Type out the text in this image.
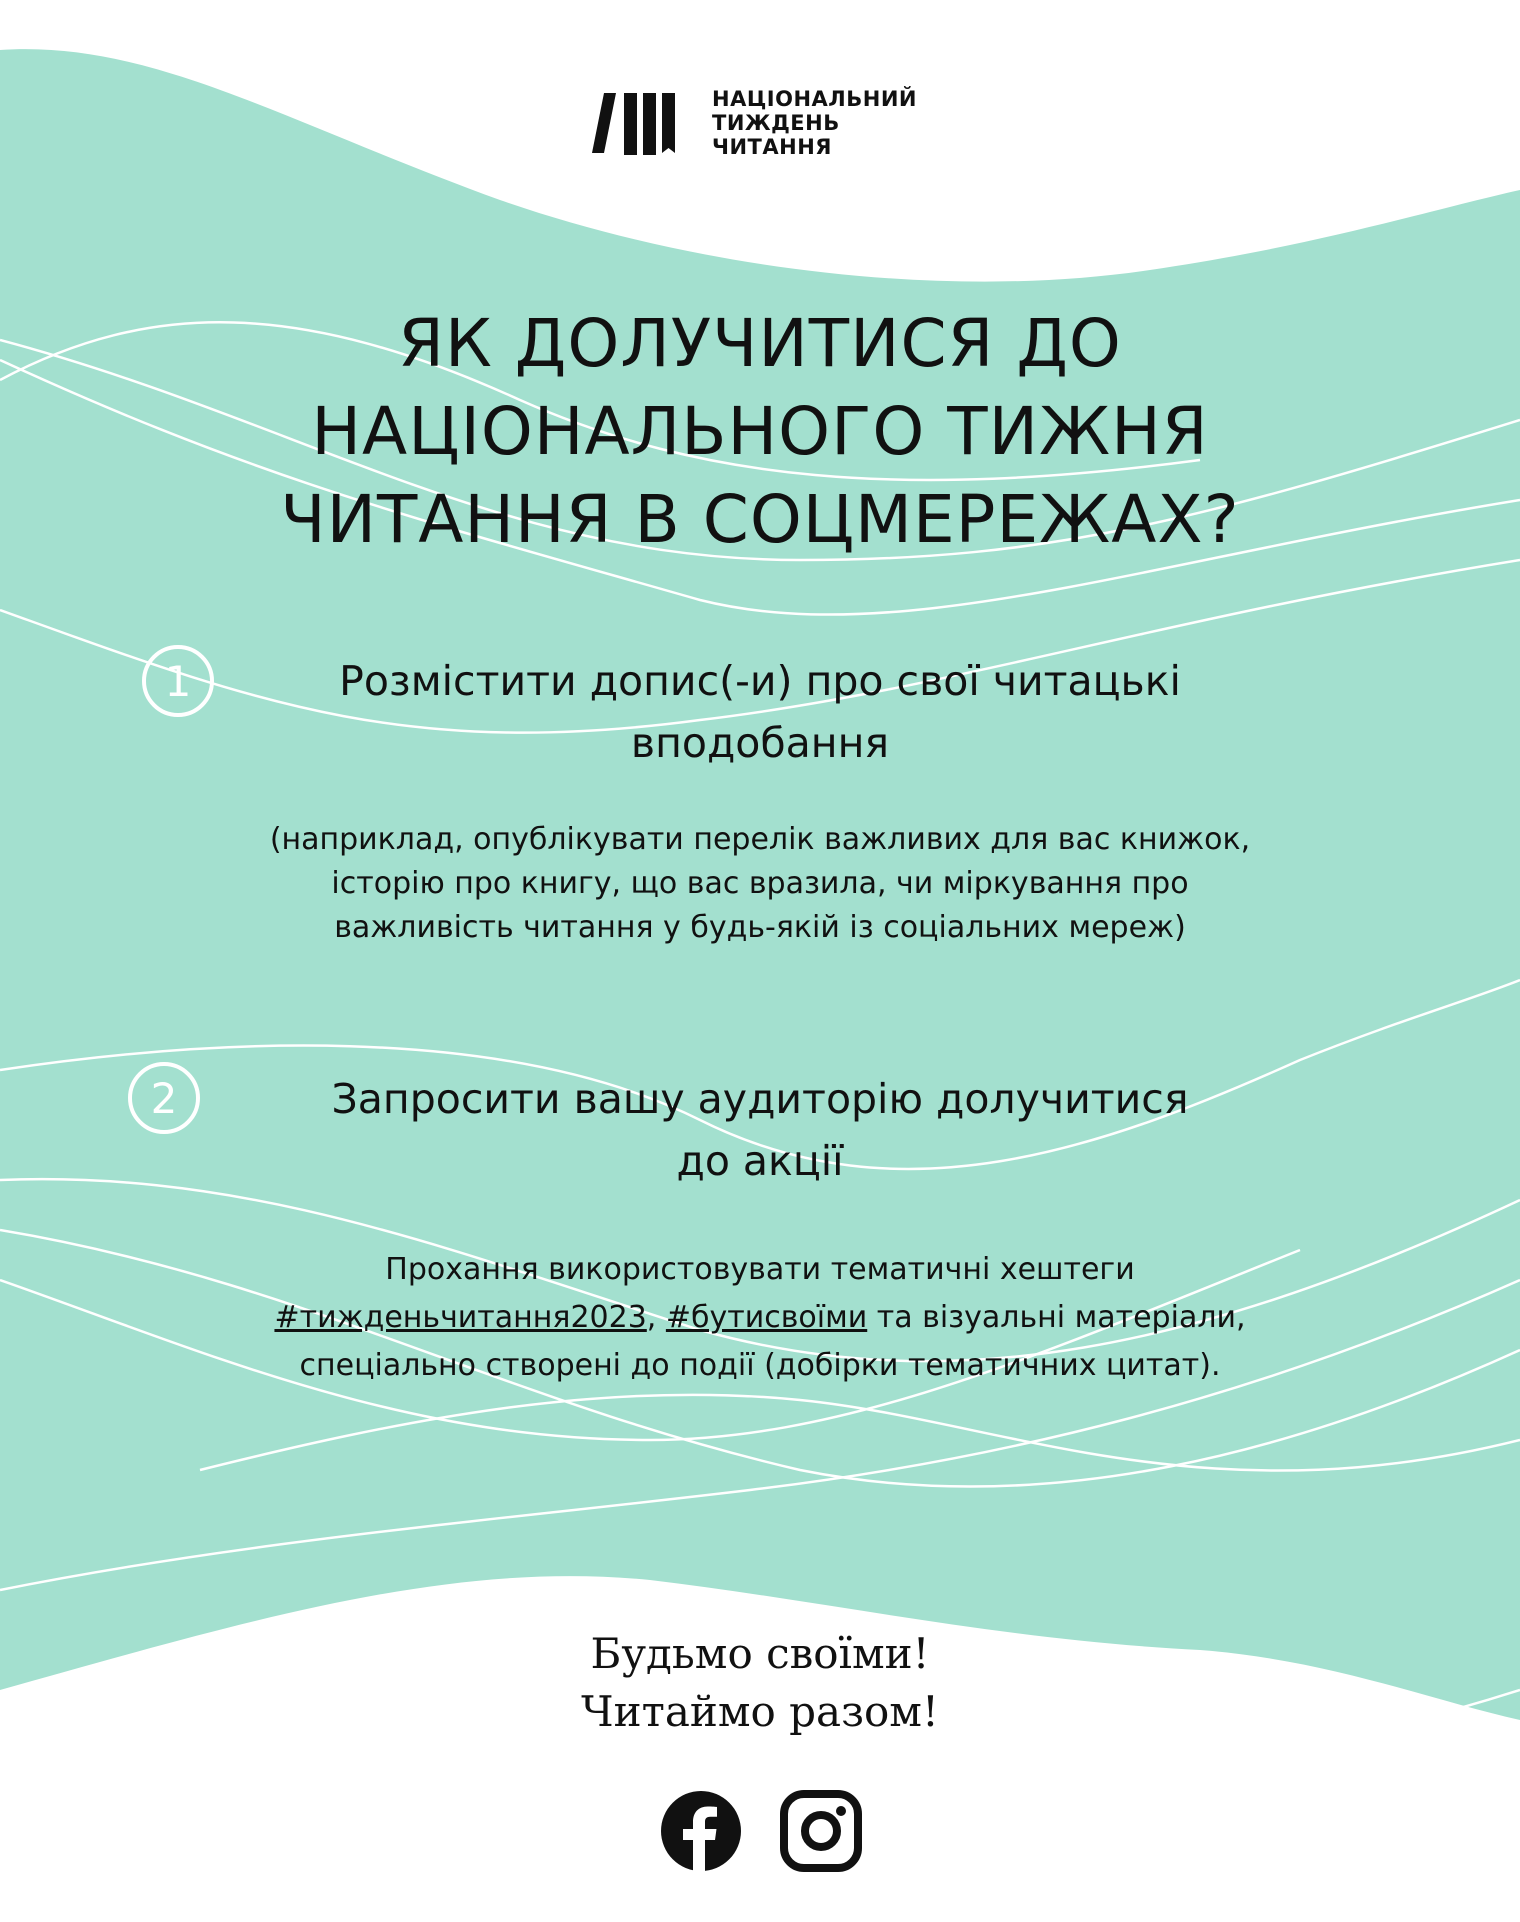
НАЦІОНАЛЬНИЙ
ТИЖДЕНЬ
ЧИТАННЯ
ЯК ДОЛУЧИТИСЯ ДО
НАЦІОНАЛЬНОГО ТИЖНЯ
ЧИТАННЯ В СОЦМЕРЕЖАХ?
1	Розмістити допис(-и) про свої читацькі
вподобання
(наприклад, опублікувати перелік важливих для вас книжок,
історію про книгу, що вас вразила, чи міркування про
важливість читання у будь-якій із соціальних мереж)
2	Запросити вашу аудиторію долучитися
до акції
Прохання використовувати тематичні хештеги
#тижденьчитання2023, #бутисвоїми та візуальні матеріали,
спеціально створені до події (добірки тематичних цитат).
Будьмо своїми!
Читаймо разом!
